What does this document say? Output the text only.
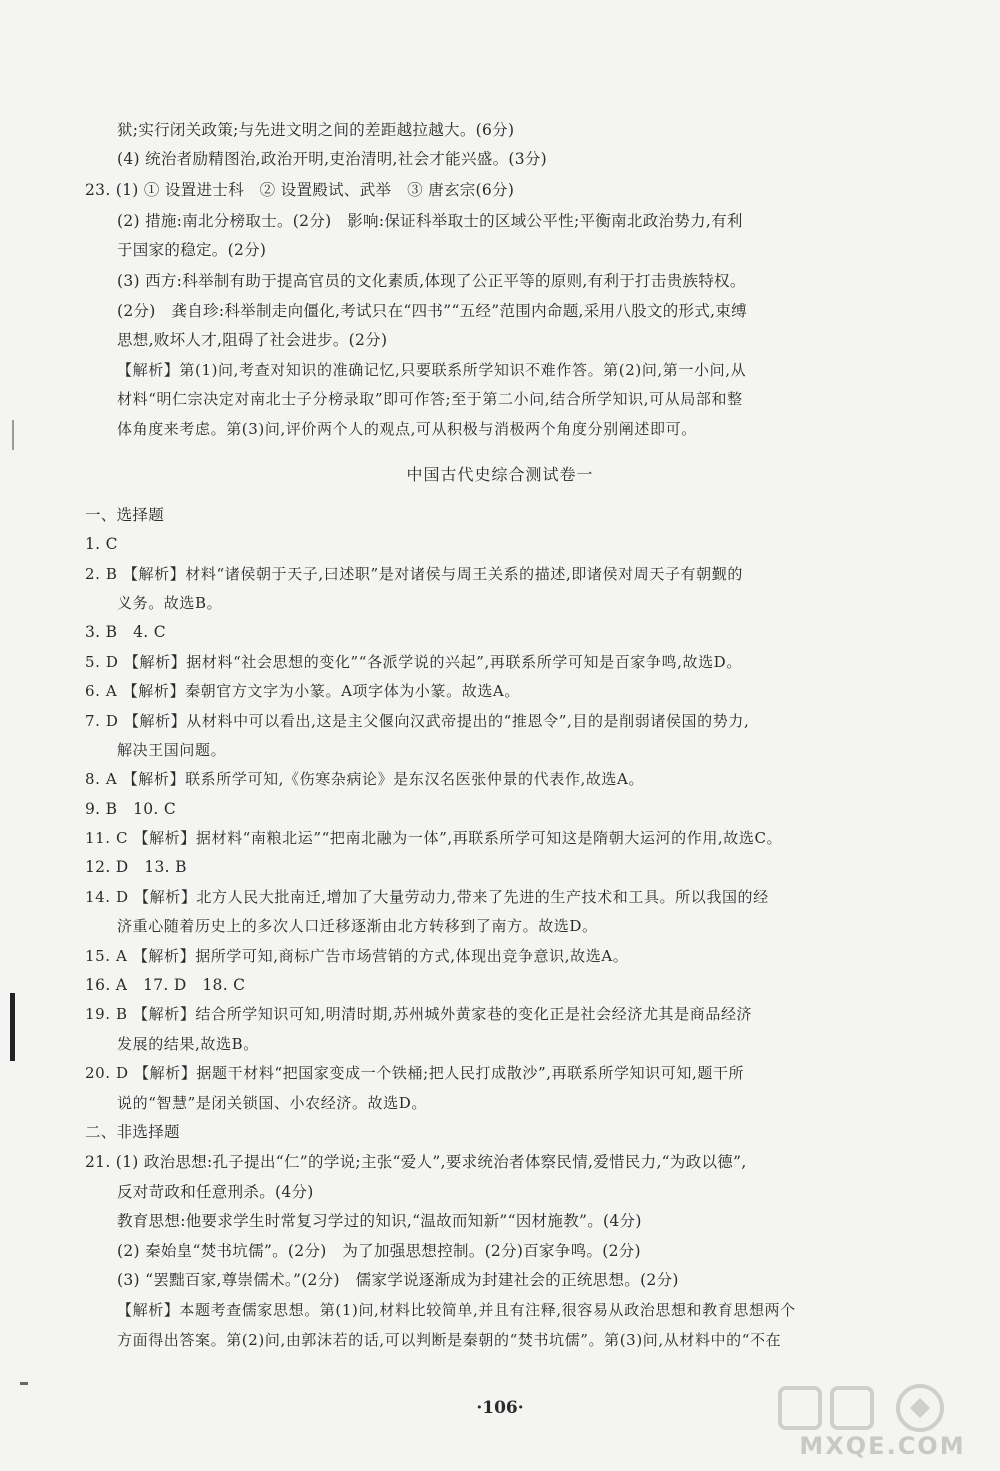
狱;实行闭关政策;与先进文明之间的差距越拉越大。(6分)
(4) 统治者励精图治,政治开明,吏治清明,社会才能兴盛。(3分)
23. (1) ① 设置进士科　② 设置殿试、武举　③ 唐玄宗(6分)
(2) 措施:南北分榜取士。(2分)　影响:保证科举取士的区域公平性;平衡南北政治势力,有利
于国家的稳定。(2分)
(3) 西方:科举制有助于提高官员的文化素质,体现了公正平等的原则,有利于打击贵族特权。
(2分)　龚自珍:科举制走向僵化,考试只在“四书”“五经”范围内命题,采用八股文的形式,束缚
思想,败坏人才,阻碍了社会进步。(2分)
【解析】第(1)问,考查对知识的准确记忆,只要联系所学知识不难作答。第(2)问,第一小问,从
材料“明仁宗决定对南北士子分榜录取”即可作答;至于第二小问,结合所学知识,可从局部和整
体角度来考虑。第(3)问,评价两个人的观点,可从积极与消极两个角度分别阐述即可。
中国古代史综合测试卷一
一、选择题
1. C
2. B 【解析】材料“诸侯朝于天子,曰述职”是对诸侯与周王关系的描述,即诸侯对周天子有朝觐的
义务。故选B。
3. B　4. C
5. D 【解析】据材料“社会思想的变化”“各派学说的兴起”,再联系所学可知是百家争鸣,故选D。
6. A 【解析】秦朝官方文字为小篆。A项字体为小篆。故选A。
7. D 【解析】从材料中可以看出,这是主父偃向汉武帝提出的“推恩令”,目的是削弱诸侯国的势力,
解决王国问题。
8. A 【解析】联系所学可知,《伤寒杂病论》是东汉名医张仲景的代表作,故选A。
9. B　10. C
11. C 【解析】据材料“南粮北运”“把南北融为一体”,再联系所学可知这是隋朝大运河的作用,故选C。
12. D　13. B
14. D 【解析】北方人民大批南迁,增加了大量劳动力,带来了先进的生产技术和工具。所以我国的经
济重心随着历史上的多次人口迁移逐渐由北方转移到了南方。故选D。
15. A 【解析】据所学可知,商标广告市场营销的方式,体现出竞争意识,故选A。
16. A　17. D　18. C
19. B 【解析】结合所学知识可知,明清时期,苏州城外黄家巷的变化正是社会经济尤其是商品经济
发展的结果,故选B。
20. D 【解析】据题干材料“把国家变成一个铁桶;把人民打成散沙”,再联系所学知识可知,题干所
说的“智慧”是闭关锁国、小农经济。故选D。
二、非选择题
21. (1) 政治思想:孔子提出“仁”的学说;主张“爱人”,要求统治者体察民情,爱惜民力,“为政以德”,
反对苛政和任意刑杀。(4分)
教育思想:他要求学生时常复习学过的知识,“温故而知新”“因材施教”。(4分)
(2) 秦始皇“焚书坑儒”。(2分)　为了加强思想控制。(2分)百家争鸣。(2分)
(3) “罢黜百家,尊崇儒术。”(2分)　儒家学说逐渐成为封建社会的正统思想。(2分)
【解析】本题考查儒家思想。第(1)问,材料比较简单,并且有注释,很容易从政治思想和教育思想两个
方面得出答案。第(2)问,由郭沫若的话,可以判断是秦朝的“焚书坑儒”。第(3)问,从材料中的“不在
·106·
MXQE.COM
